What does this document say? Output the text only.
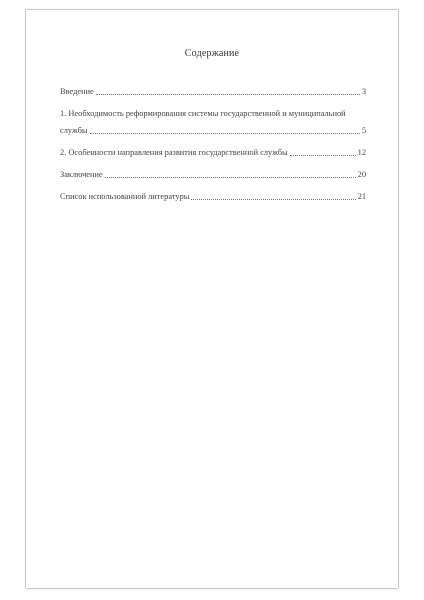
Содержание
Введение	3
1. Необходимость реформирования системы государственной и муниципальной
службы	5
2. Особенности направления развития государственной службы	12
Заключение	20
Список использованной литературы	21
